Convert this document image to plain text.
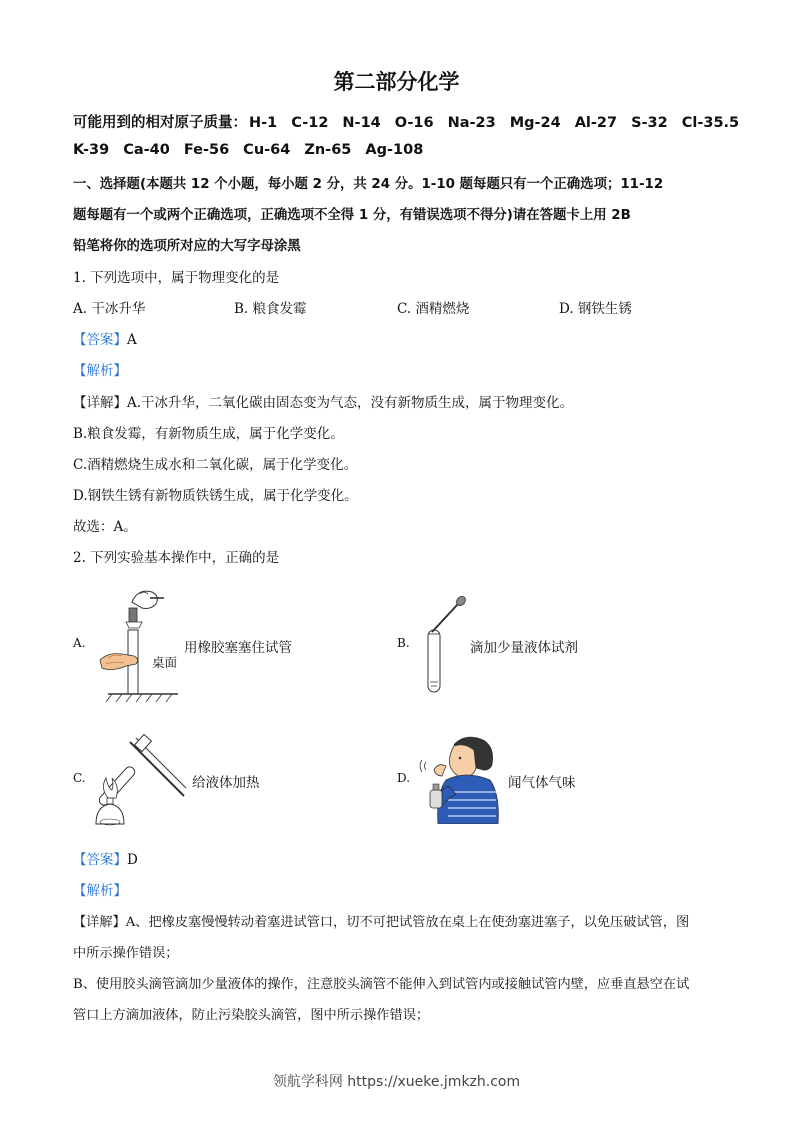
第二部分化学
可能用到的相对原子质量： H-1 C-12 N-14 O-16 Na-23 Mg-24 Al-27 S-32 Cl-35.5
K-39 Ca-40 Fe-56 Cu-64 Zn-65 Ag-108
一、选择题(本题共 12 个小题，每小题 2 分，共 24 分。1-10 题每题只有一个正确选项；11-12
题每题有一个或两个正确选项，正确选项不全得 1 分，有错误选项不得分)请在答题卡上用 2B
铅笔将你的选项所对应的大写字母涂黑
1. 下列选项中，属于物理变化的是
A. 干冰升华	B. 粮食发霉	C. 酒精燃烧	D. 钢铁生锈
【答案】A
【解析】
【详解】A.干冰升华，二氧化碳由固态变为气态，没有新物质生成，属于物理变化。
B.粮食发霉，有新物质生成，属于化学变化。
C.酒精燃烧生成水和二氧化碳，属于化学变化。
D.钢铁生锈有新物质铁锈生成，属于化学变化。
故选：A。
2. 下列实验基本操作中，正确的是
A.
桌面
用橡胶塞塞住试管	B.	滴加少量液体试剂
C.	给液体加热	D.	闻气体气味
【答案】D
【解析】
【详解】A、把橡皮塞慢慢转动着塞进试管口，切不可把试管放在桌上在使劲塞进塞子，以免压破试管，图
中所示操作错误；
B、使用胶头滴管滴加少量液体的操作，注意胶头滴管不能伸入到试管内或接触试管内壁，应垂直悬空在试
管口上方滴加液体，防止污染胶头滴管，图中所示操作错误；
领航学科网 https://xueke.jmkzh.com
